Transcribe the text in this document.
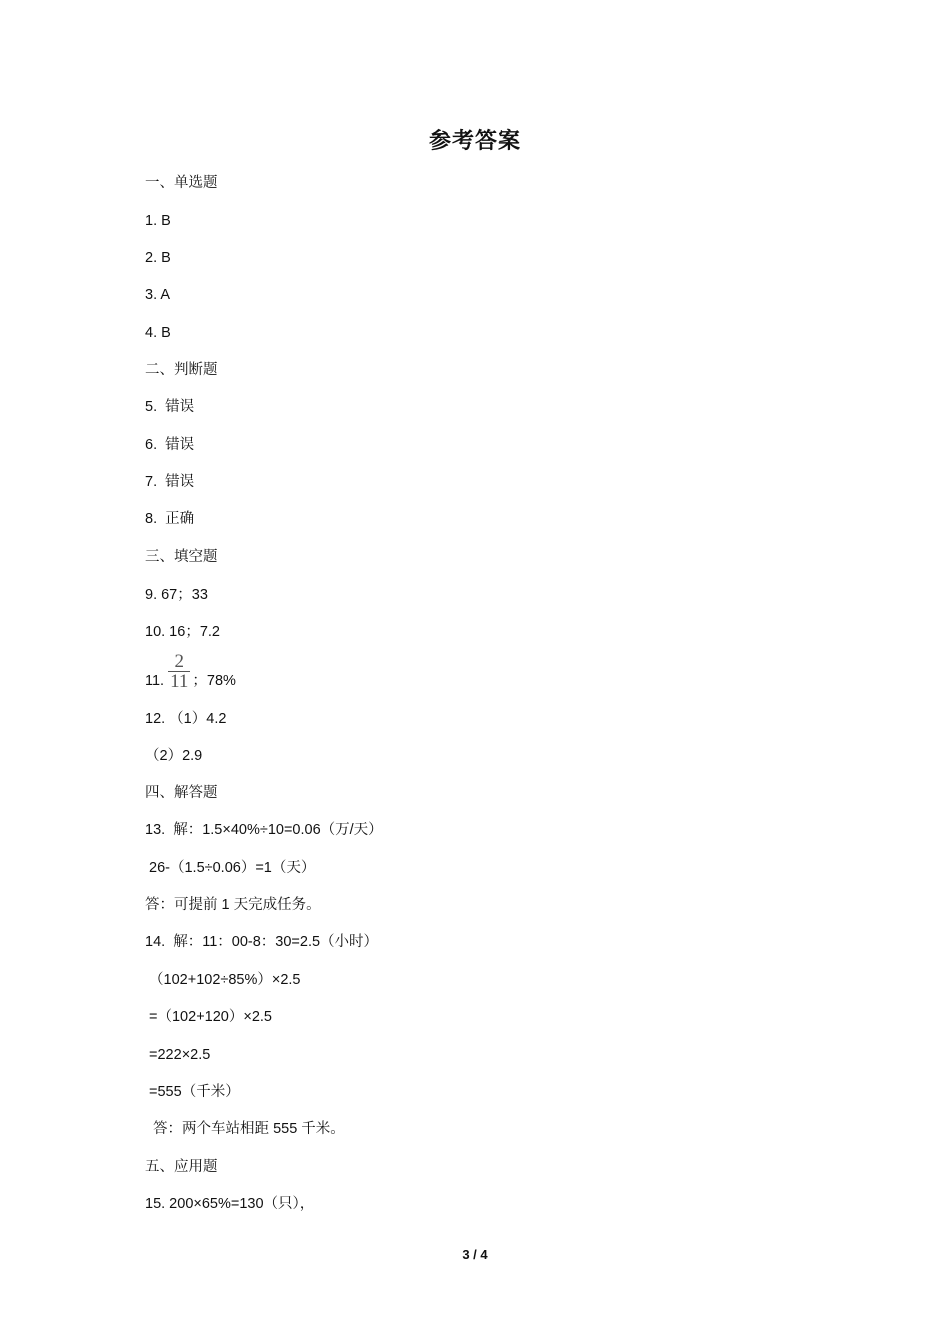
参考答案
一、单选题
1. B
2. B
3. A
4. B
二、判断题
5.  错误
6.  错误
7.  错误
8.  正确
三、填空题
9. 67；33
10. 16；7.2
11. $\frac{2}{11}$ ；78%
12. （1）4.2
（2）2.9
四、解答题
13.  解：1.5×40%÷10=0.06（万/天）
26-（1.5÷0.06）=1（天）
答：可提前 1 天完成任务。
14.  解：11：00-8：30=2.5（小时）
（102+102÷85%）×2.5
=（102+120）×2.5
=222×2.5
=555（千米）
答：两个车站相距 555 千米。
五、应用题
15. 200×65%=130（只），
3 / 4
